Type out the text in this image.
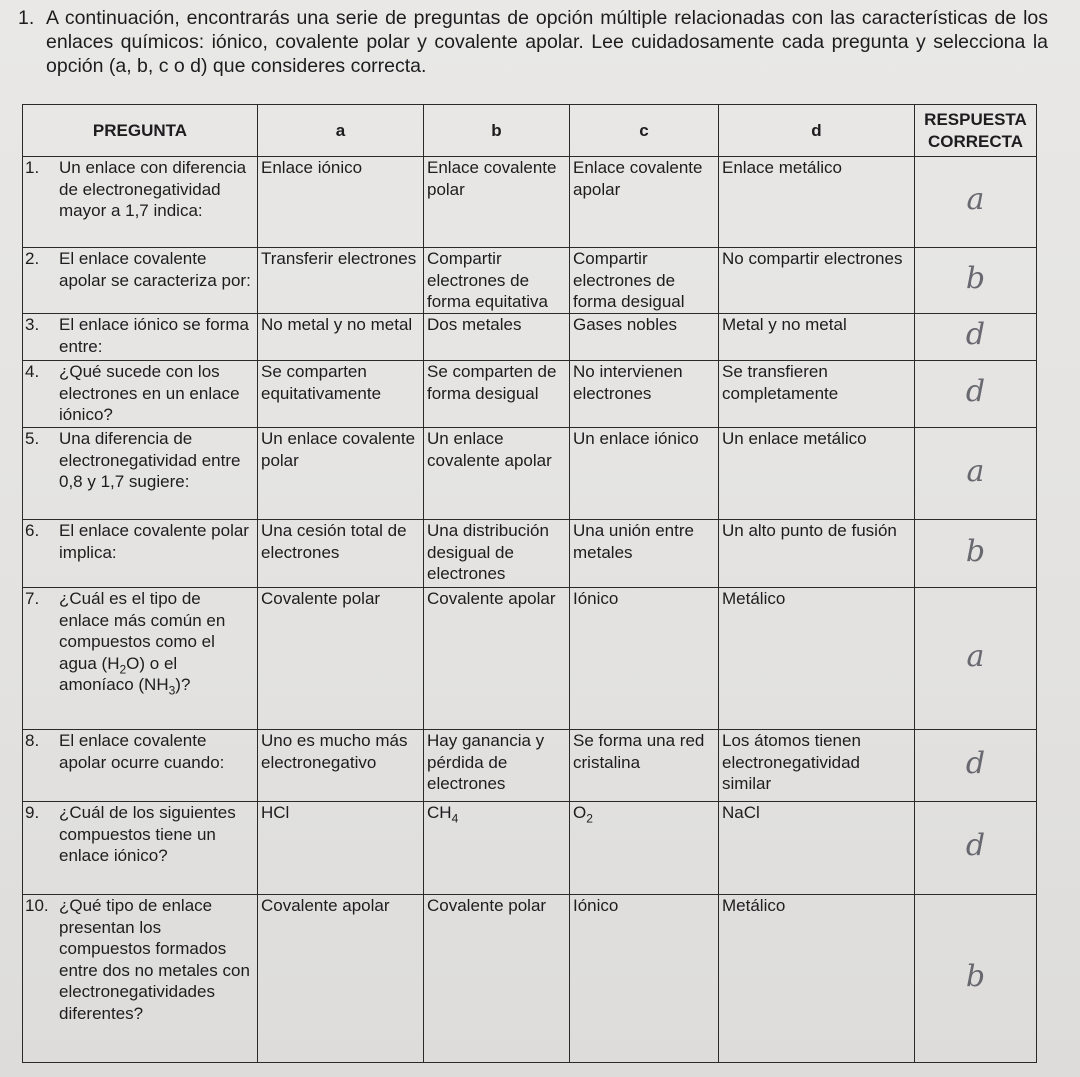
1. A continuación, encontrarás una serie de preguntas de opción múltiple relacionadas con las características de los enlaces químicos: iónico, covalente polar y covalente apolar. Lee cuidadosamente cada pregunta y selecciona la opción (a, b, c o d) que consideres correcta.
PREGUNTA	a	b	c	d	RESPUESTA CORRECTA

1. Un enlace con diferencia de electronegatividad mayor a 1,7 indica:	Enlace iónico	Enlace covalente polar	Enlace covalente apolar	Enlace metálico	a

2. El enlace covalente apolar se caracteriza por:	Transferir electrones	Compartir electrones de forma equitativa	Compartir electrones de forma desigual	No compartir electrones	b

3. El enlace iónico se forma entre:	No metal y no metal	Dos metales	Gases nobles	Metal y no metal	d

4. ¿Qué sucede con los electrones en un enlace iónico?	Se comparten equitativamente	Se comparten de forma desigual	No intervienen electrones	Se transfieren completamente	d

5. Una diferencia de electronegatividad entre 0,8 y 1,7 sugiere:	Un enlace covalente polar	Un enlace covalente apolar	Un enlace iónico	Un enlace metálico	a

6. El enlace covalente polar implica:	Una cesión total de electrones	Una distribución desigual de electrones	Una unión entre metales	Un alto punto de fusión	b

7. ¿Cuál es el tipo de enlace más común en compuestos como el agua $(H_2O)$ o el amoníaco $(NH_3)$?	Covalente polar	Covalente apolar	Iónico	Metálico	a

8. El enlace covalente apolar ocurre cuando:	Uno es mucho más electronegativo	Hay ganancia y pérdida de electrones	Se forma una red cristalina	Los átomos tienen electronegatividad similar	d

9. ¿Cuál de los siguientes compuestos tiene un enlace iónico?	HCl	$CH_4$	$O_2$	NaCl	d

10. ¿Qué tipo de enlace presentan los compuestos formados entre dos no metales con electronegatividades diferentes?	Covalente apolar	Covalente polar	Iónico	Metálico	b
